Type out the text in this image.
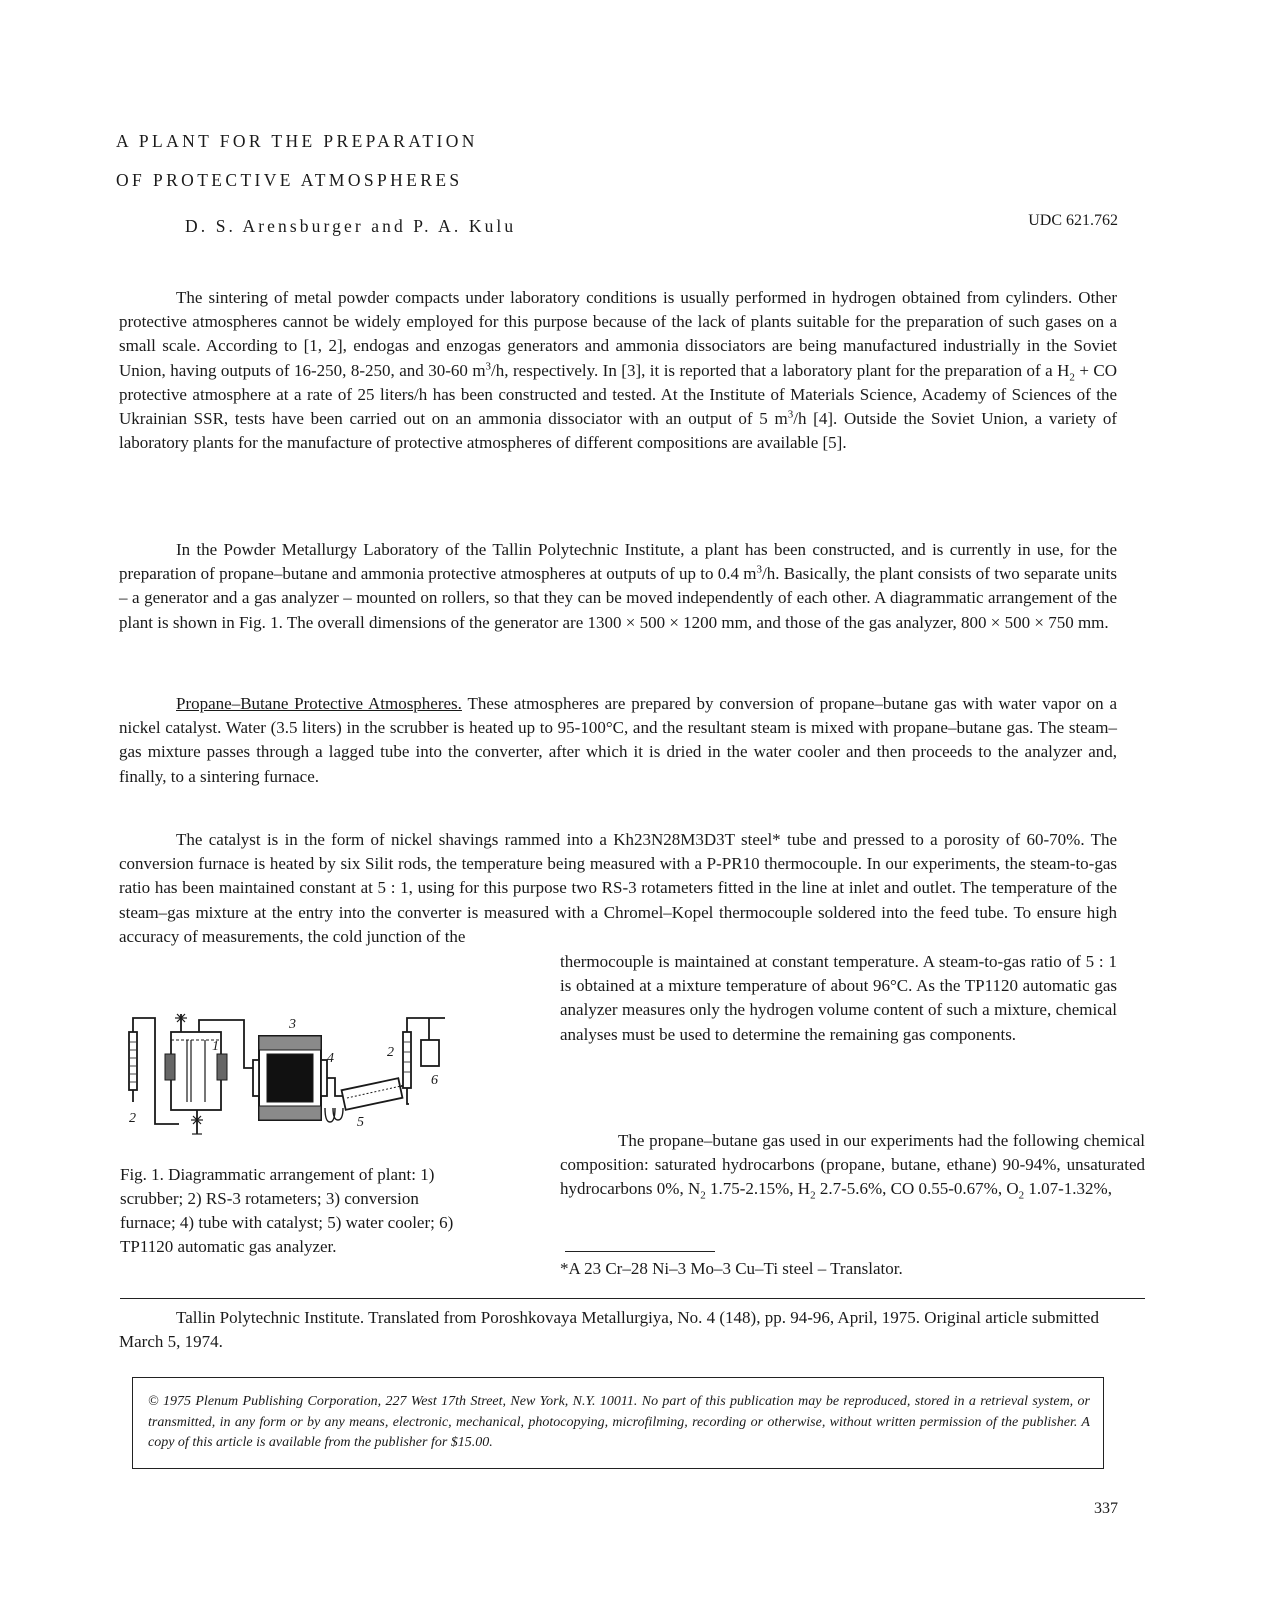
A PLANT FOR THE PREPARATION
OF PROTECTIVE ATMOSPHERES
D. S. Arensburger and P. A. Kulu	UDC 621.762

The sintering of metal powder compacts under laboratory conditions is usually performed in hydrogen obtained from cylinders. Other protective atmospheres cannot be widely employed for this purpose because of the lack of plants suitable for the preparation of such gases on a small scale. According to [1, 2], endogas and enzogas generators and ammonia dissociators are being manufactured industrially in the Soviet Union, having outputs of 16-250, 8-250, and 30-60 $m^3/h$, respectively. In [3], it is reported that a laboratory plant for the preparation of a $H_2$ + CO protective atmosphere at a rate of 25 liters/h has been constructed and tested. At the Institute of Materials Science, Academy of Sciences of the Ukrainian SSR, tests have been carried out on an ammonia dissociator with an output of 5 $m^3/h$ [4]. Outside the Soviet Union, a variety of laboratory plants for the manufacture of protective atmospheres of different compositions are available [5].

In the Powder Metallurgy Laboratory of the Tallin Polytechnic Institute, a plant has been constructed, and is currently in use, for the preparation of propane–butane and ammonia protective atmospheres at outputs of up to 0.4 $m^3/h$. Basically, the plant consists of two separate units – a generator and a gas analyzer – mounted on rollers, so that they can be moved independently of each other. A diagrammatic arrangement of the plant is shown in Fig. 1. The overall dimensions of the generator are 1300 × 500 × 1200 mm, and those of the gas analyzer, 800 × 500 × 750 mm.

Propane–Butane Protective Atmospheres. These atmospheres are prepared by conversion of propane–butane gas with water vapor on a nickel catalyst. Water (3.5 liters) in the scrubber is heated up to 95-100°C, and the resultant steam is mixed with propane–butane gas. The steam–gas mixture passes through a lagged tube into the converter, after which it is dried in the water cooler and then proceeds to the analyzer and, finally, to a sintering furnace.

The catalyst is in the form of nickel shavings rammed into a Kh23N28M3D3T steel* tube and pressed to a porosity of 60-70%. The conversion furnace is heated by six Silit rods, the temperature being measured with a P-PR10 thermocouple. In our experiments, the steam-to-gas ratio has been maintained constant at 5 : 1, using for this purpose two RS-3 rotameters fitted in the line at inlet and outlet. The temperature of the steam–gas mixture at the entry into the converter is measured with a Chromel–Kopel thermocouple soldered into the feed tube. To ensure high accuracy of measurements, the cold junction of the

thermocouple is maintained at constant temperature. A steam-to-gas ratio of 5 : 1 is obtained at a mixture temperature of about 96°C. As the TP1120 automatic gas analyzer measures only the hydrogen volume content of such a mixture, chemical analyses must be used to determine the remaining gas components.

The propane–butane gas used in our experiments had the following chemical composition: saturated hydrocarbons (propane, butane, ethane) 90-94%, unsaturated hydrocarbons 0%, $N_2$ 1.75-2.15%, $H_2$ 2.7-5.6%, CO 0.55-0.67%, $O_2$ 1.07-1.32%,

1
2
3
4	2
5
6

Fig. 1. Diagrammatic arrangement of plant: 1) scrubber; 2) RS-3 rotameters; 3) conversion furnace; 4) tube with catalyst; 5) water cooler; 6) TP1120 automatic gas analyzer.

*A 23 Cr–28 Ni–3 Mo–3 Cu–Ti steel – Translator.

Tallin Polytechnic Institute. Translated from Poroshkovaya Metallurgiya, No. 4 (148), pp. 94-96, April, 1975. Original article submitted March 5, 1974.

© 1975 Plenum Publishing Corporation, 227 West 17th Street, New York, N.Y. 10011. No part of this publication may be reproduced, stored in a retrieval system, or transmitted, in any form or by any means, electronic, mechanical, photocopying, microfilming, recording or otherwise, without written permission of the publisher. A copy of this article is available from the publisher for $15.00.

337
